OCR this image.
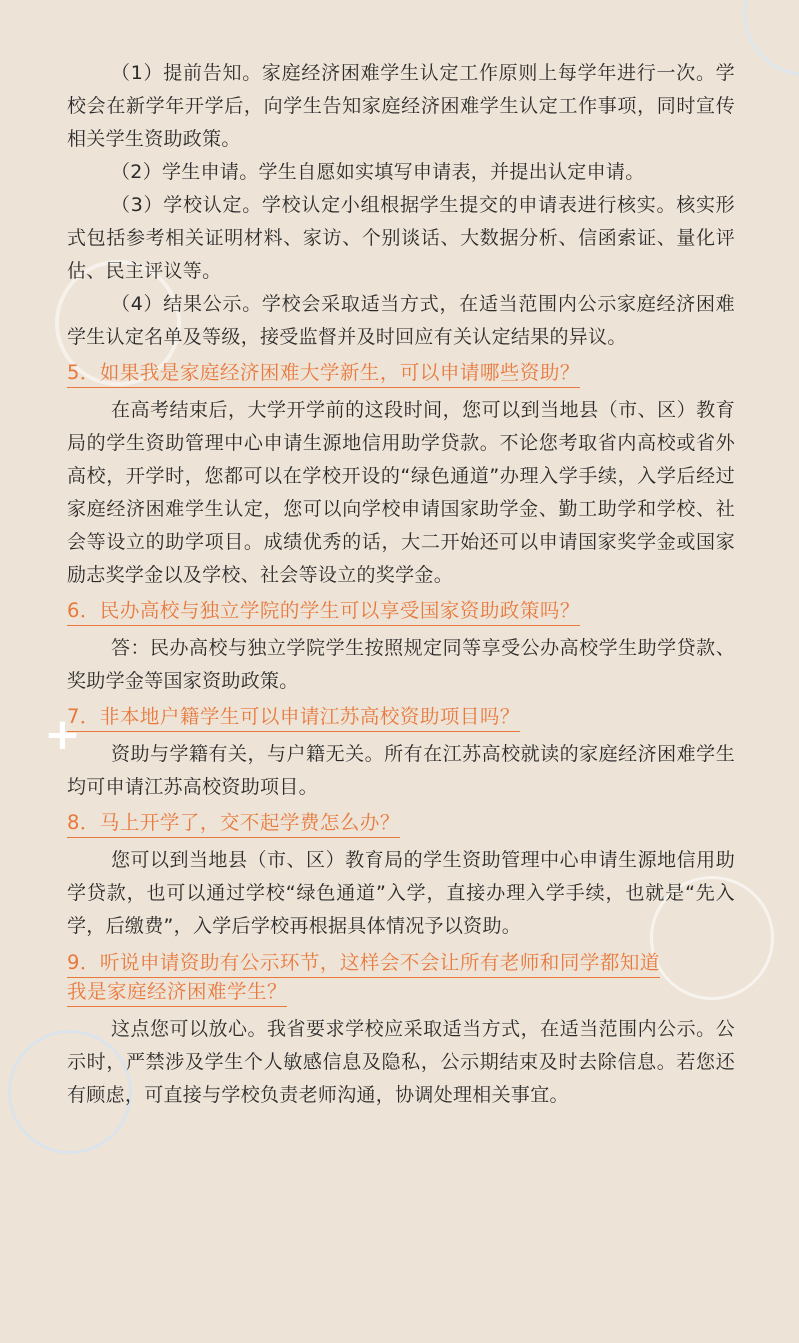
+

（1）提前告知。家庭经济困难学生认定工作原则上每学年进行一次。学校会在新学年开学后，向学生告知家庭经济困难学生认定工作事项，同时宣传相关学生资助政策。

（2）学生申请。学生自愿如实填写申请表，并提出认定申请。

（3）学校认定。学校认定小组根据学生提交的申请表进行核实。核实形式包括参考相关证明材料、家访、个别谈话、大数据分析、信函索证、量化评估、民主评议等。

（4）结果公示。学校会采取适当方式，在适当范围内公示家庭经济困难学生认定名单及等级，接受监督并及时回应有关认定结果的异议。

5．如果我是家庭经济困难大学新生，可以申请哪些资助？

在高考结束后，大学开学前的这段时间，您可以到当地县（市、区）教育局的学生资助管理中心申请生源地信用助学贷款。不论您考取省内高校或省外高校，开学时，您都可以在学校开设的“绿色通道”办理入学手续，入学后经过家庭经济困难学生认定，您可以向学校申请国家助学金、勤工助学和学校、社会等设立的助学项目。成绩优秀的话，大二开始还可以申请国家奖学金或国家励志奖学金以及学校、社会等设立的奖学金。

6．民办高校与独立学院的学生可以享受国家资助政策吗？

答：民办高校与独立学院学生按照规定同等享受公办高校学生助学贷款、奖助学金等国家资助政策。

7．非本地户籍学生可以申请江苏高校资助项目吗？

资助与学籍有关，与户籍无关。所有在江苏高校就读的家庭经济困难学生均可申请江苏高校资助项目。

8．马上开学了，交不起学费怎么办？

您可以到当地县（市、区）教育局的学生资助管理中心申请生源地信用助学贷款，也可以通过学校“绿色通道”入学，直接办理入学手续，也就是“先入学，后缴费”，入学后学校再根据具体情况予以资助。

9．听说申请资助有公示环节，这样会不会让所有老师和同学都知道
我是家庭经济困难学生？

这点您可以放心。我省要求学校应采取适当方式，在适当范围内公示。公示时，严禁涉及学生个人敏感信息及隐私，公示期结束及时去除信息。若您还有顾虑，可直接与学校负责老师沟通，协调处理相关事宜。
